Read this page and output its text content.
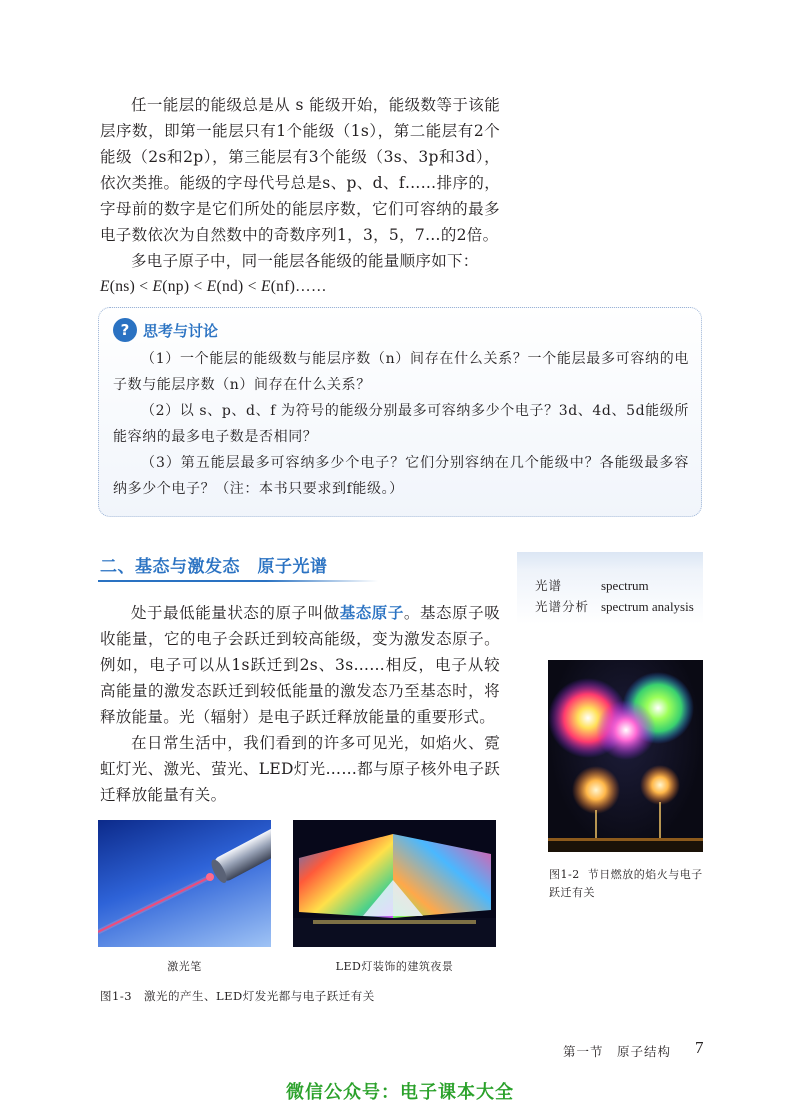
任一能层的能级总是从 s 能级开始，能级数等于该能层序数，即第一能层只有1个能级（1s），第二能层有2个能级（2s和2p），第三能层有3个能级（3s、3p和3d），依次类推。能级的字母代号总是s、p、d、f……排序的，字母前的数字是它们所处的能层序数，它们可容纳的最多电子数依次为自然数中的奇数序列1，3，5，7…的2倍。

多电子原子中，同一能层各能级的能量顺序如下：

E(ns) < E(np) < E(nd) < E(nf)……

? 思考与讨论

（1）一个能层的能级数与能层序数（n）间存在什么关系？一个能层最多可容纳的电子数与能层序数（n）间存在什么关系？

（2）以 s、p、d、f 为符号的能级分别最多可容纳多少个电子？3d、4d、5d能级所能容纳的最多电子数是否相同？

（3）第五能层最多可容纳多少个电子？它们分别容纳在几个能级中？各能级最多容纳多少个电子？（注：本书只要求到f能级。）

二、基态与激发态　原子光谱
光谱	spectrum
光谱分析 spectrum analysis

处于最低能量状态的原子叫做基态原子。基态原子吸收能量，它的电子会跃迁到较高能级，变为激发态原子。例如，电子可以从1s跃迁到2s、3s……相反，电子从较高能量的激发态跃迁到较低能量的激发态乃至基态时，将释放能量。光（辐射）是电子跃迁释放能量的重要形式。

在日常生活中，我们看到的许多可见光，如焰火、霓虹灯光、激光、萤光、LED灯光……都与原子核外电子跃迁释放能量有关。

图1-2 节日燃放的焰火与电子跃迁有关
激光笔	LED灯装饰的建筑夜景
图1-3　激光的产生、LED灯发光都与电子跃迁有关
第一节　原子结构 7
微信公众号：电子课本大全
